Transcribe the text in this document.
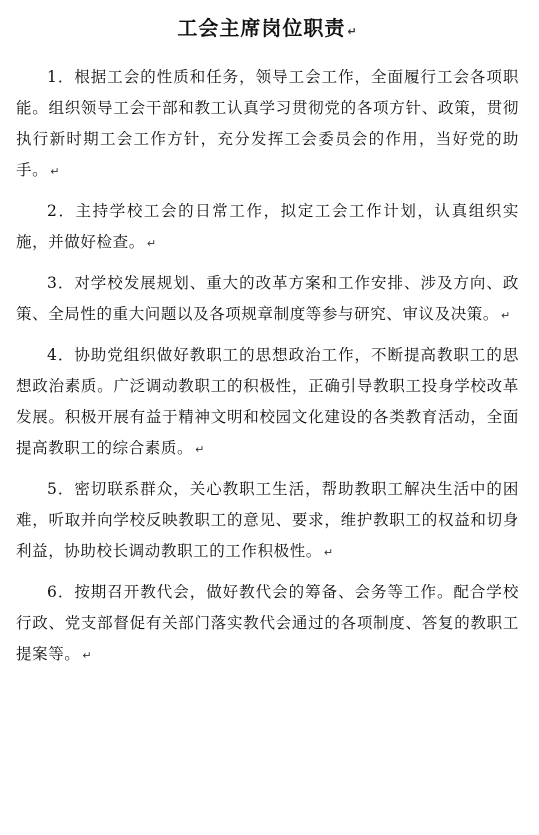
工会主席岗位职责 ↵

1．根据工会的性质和任务，领导工会工作，全面履行工会各项职能。组织领导工会干部和教工认真学习贯彻党的各项方针、政策，贯彻执行新时期工会工作方针，充分发挥工会委员会的作用，当好党的助手。 ↵

2．主持学校工会的日常工作，拟定工会工作计划，认真组织实施，并做好检查。 ↵

3．对学校发展规划、重大的改革方案和工作安排、涉及方向、政策、全局性的重大问题以及各项规章制度等参与研究、审议及决策。 ↵

4．协助党组织做好教职工的思想政治工作，不断提高教职工的思想政治素质。广泛调动教职工的积极性，正确引导教职工投身学校改革发展。积极开展有益于精神文明和校园文化建设的各类教育活动，全面提高教职工的综合素质。 ↵

5．密切联系群众，关心教职工生活，帮助教职工解决生活中的困难，听取并向学校反映教职工的意见、要求，维护教职工的权益和切身利益，协助校长调动教职工的工作积极性。 ↵

6．按期召开教代会，做好教代会的筹备、会务等工作。配合学校行政、党支部督促有关部门落实教代会通过的各项制度、答复的教职工提案等。 ↵
